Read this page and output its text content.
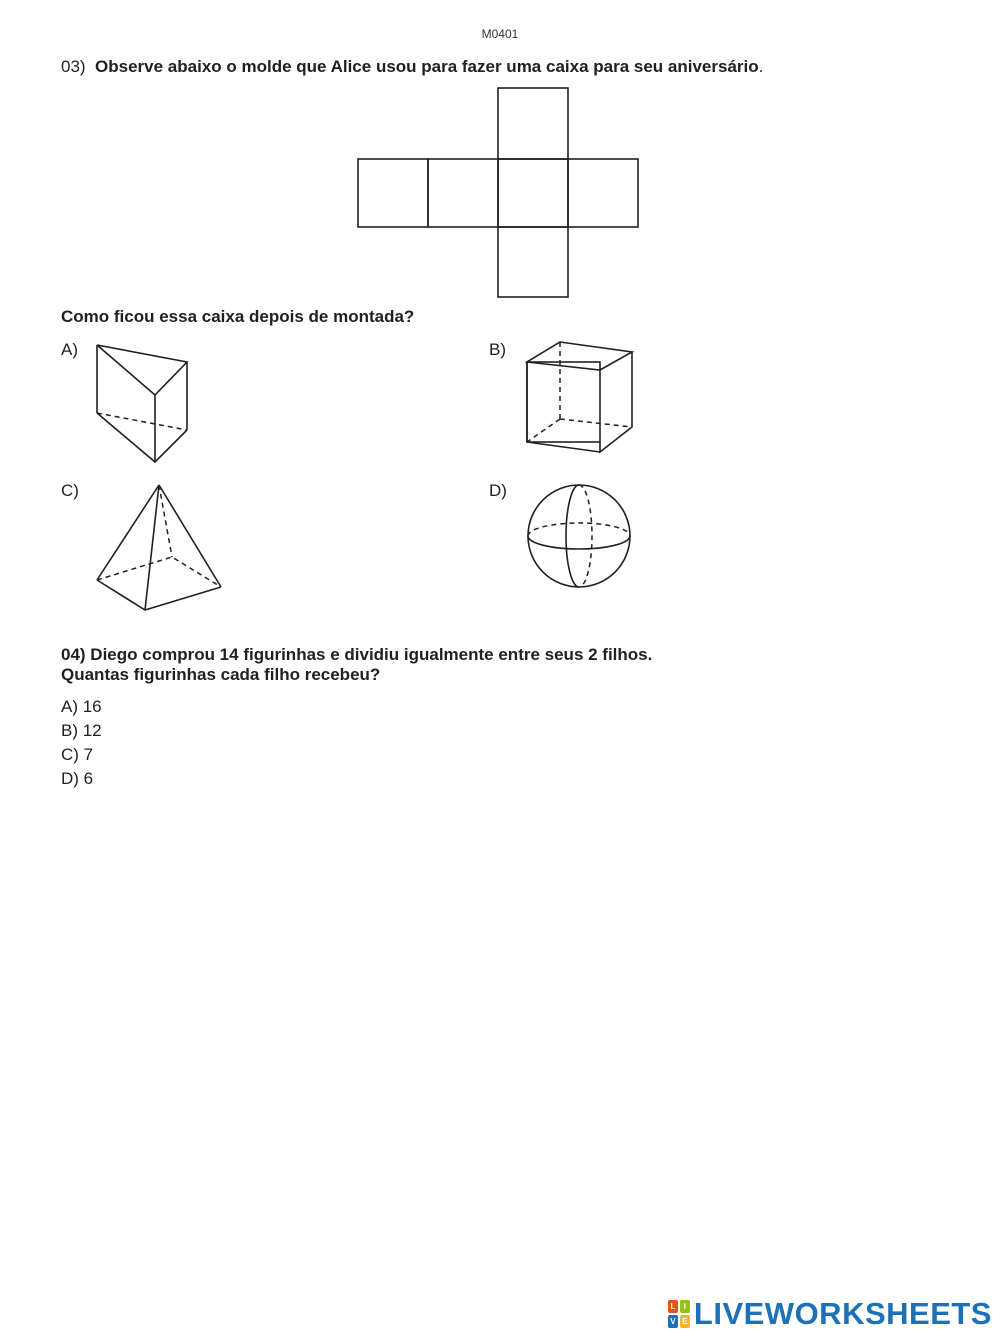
M0401
03) Observe abaixo o molde que Alice usou para fazer uma caixa para seu aniversário.
Como ficou essa caixa depois de montada?
A)	B)
C)	D)
04) Diego comprou 14 figurinhas e dividiu igualmente entre seus 2 filhos.
Quantas figurinhas cada filho recebeu?
A) 16
B) 12
C) 7
D) 6
L	I
V E LIVEWORKSHEETS
